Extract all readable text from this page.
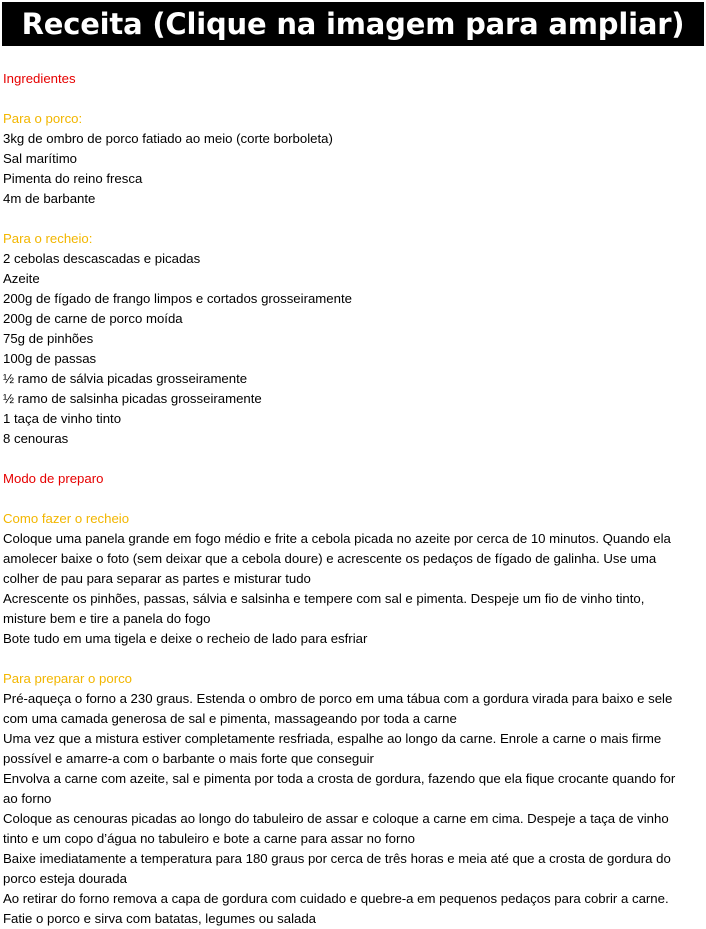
Receita (Clique na imagem para ampliar)

Ingredientes

Para o porco:

3kg de ombro de porco fatiado ao meio (corte borboleta)

Sal marítimo

Pimenta do reino fresca

4m de barbante

Para o recheio:

2 cebolas descascadas e picadas

Azeite

200g de fígado de frango limpos e cortados grosseiramente

200g de carne de porco moída

75g de pinhões

100g de passas

½ ramo de sálvia picadas grosseiramente

½ ramo de salsinha picadas grosseiramente

1 taça de vinho tinto

8 cenouras

Modo de preparo

Como fazer o recheio

Coloque uma panela grande em fogo médio e frite a cebola picada no azeite por cerca de 10 minutos. Quando ela

amolecer baixe o foto (sem deixar que a cebola doure) e acrescente os pedaços de fígado de galinha. Use uma

colher de pau para separar as partes e misturar tudo

Acrescente os pinhões, passas, sálvia e salsinha e tempere com sal e pimenta. Despeje um fio de vinho tinto,

misture bem e tire a panela do fogo

Bote tudo em uma tigela e deixe o recheio de lado para esfriar

Para preparar o porco

Pré-aqueça o forno a 230 graus. Estenda o ombro de porco em uma tábua com a gordura virada para baixo e sele

com uma camada generosa de sal e pimenta, massageando por toda a carne

Uma vez que a mistura estiver completamente resfriada, espalhe ao longo da carne. Enrole a carne o mais firme

possível e amarre-a com o barbante o mais forte que conseguir

Envolva a carne com azeite, sal e pimenta por toda a crosta de gordura, fazendo que ela fique crocante quando for

ao forno

Coloque as cenouras picadas ao longo do tabuleiro de assar e coloque a carne em cima. Despeje a taça de vinho

tinto e um copo d’água no tabuleiro e bote a carne para assar no forno

Baixe imediatamente a temperatura para 180 graus por cerca de três horas e meia até que a crosta de gordura do

porco esteja dourada

Ao retirar do forno remova a capa de gordura com cuidado e quebre-a em pequenos pedaços para cobrir a carne.

Fatie o porco e sirva com batatas, legumes ou salada
